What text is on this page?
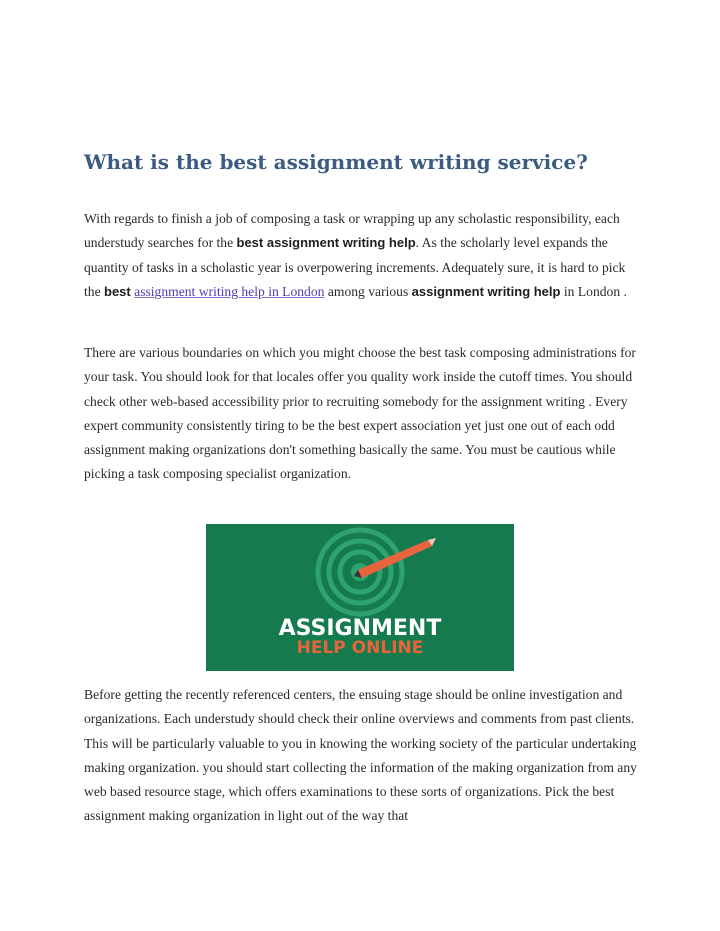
What is the best assignment writing service?

With regards to finish a job of composing a task or wrapping up any scholastic responsibility, each understudy searches for the best assignment writing help. As the scholarly level expands the quantity of tasks in a scholastic year is overpowering increments. Adequately sure, it is hard to pick the best assignment writing help in London among various assignment writing help in London .

There are various boundaries on which you might choose the best task composing administrations for your task. You should look for that locales offer you quality work inside the cutoff times. You should check other web-based accessibility prior to recruiting somebody for the assignment writing . Every expert community consistently tiring to be the best expert association yet just one out of each odd assignment making organizations don't something basically the same. You must be cautious while picking a task composing specialist organization.

ASSIGNMENT
HELP ONLINE

Before getting the recently referenced centers, the ensuing stage should be online investigation and organizations. Each understudy should check their online overviews and comments from past clients. This will be particularly valuable to you in knowing the working society of the particular undertaking making organization. you should start collecting the information of the making organization from any web based resource stage, which offers examinations to these sorts of organizations. Pick the best assignment making organization in light out of the way that
